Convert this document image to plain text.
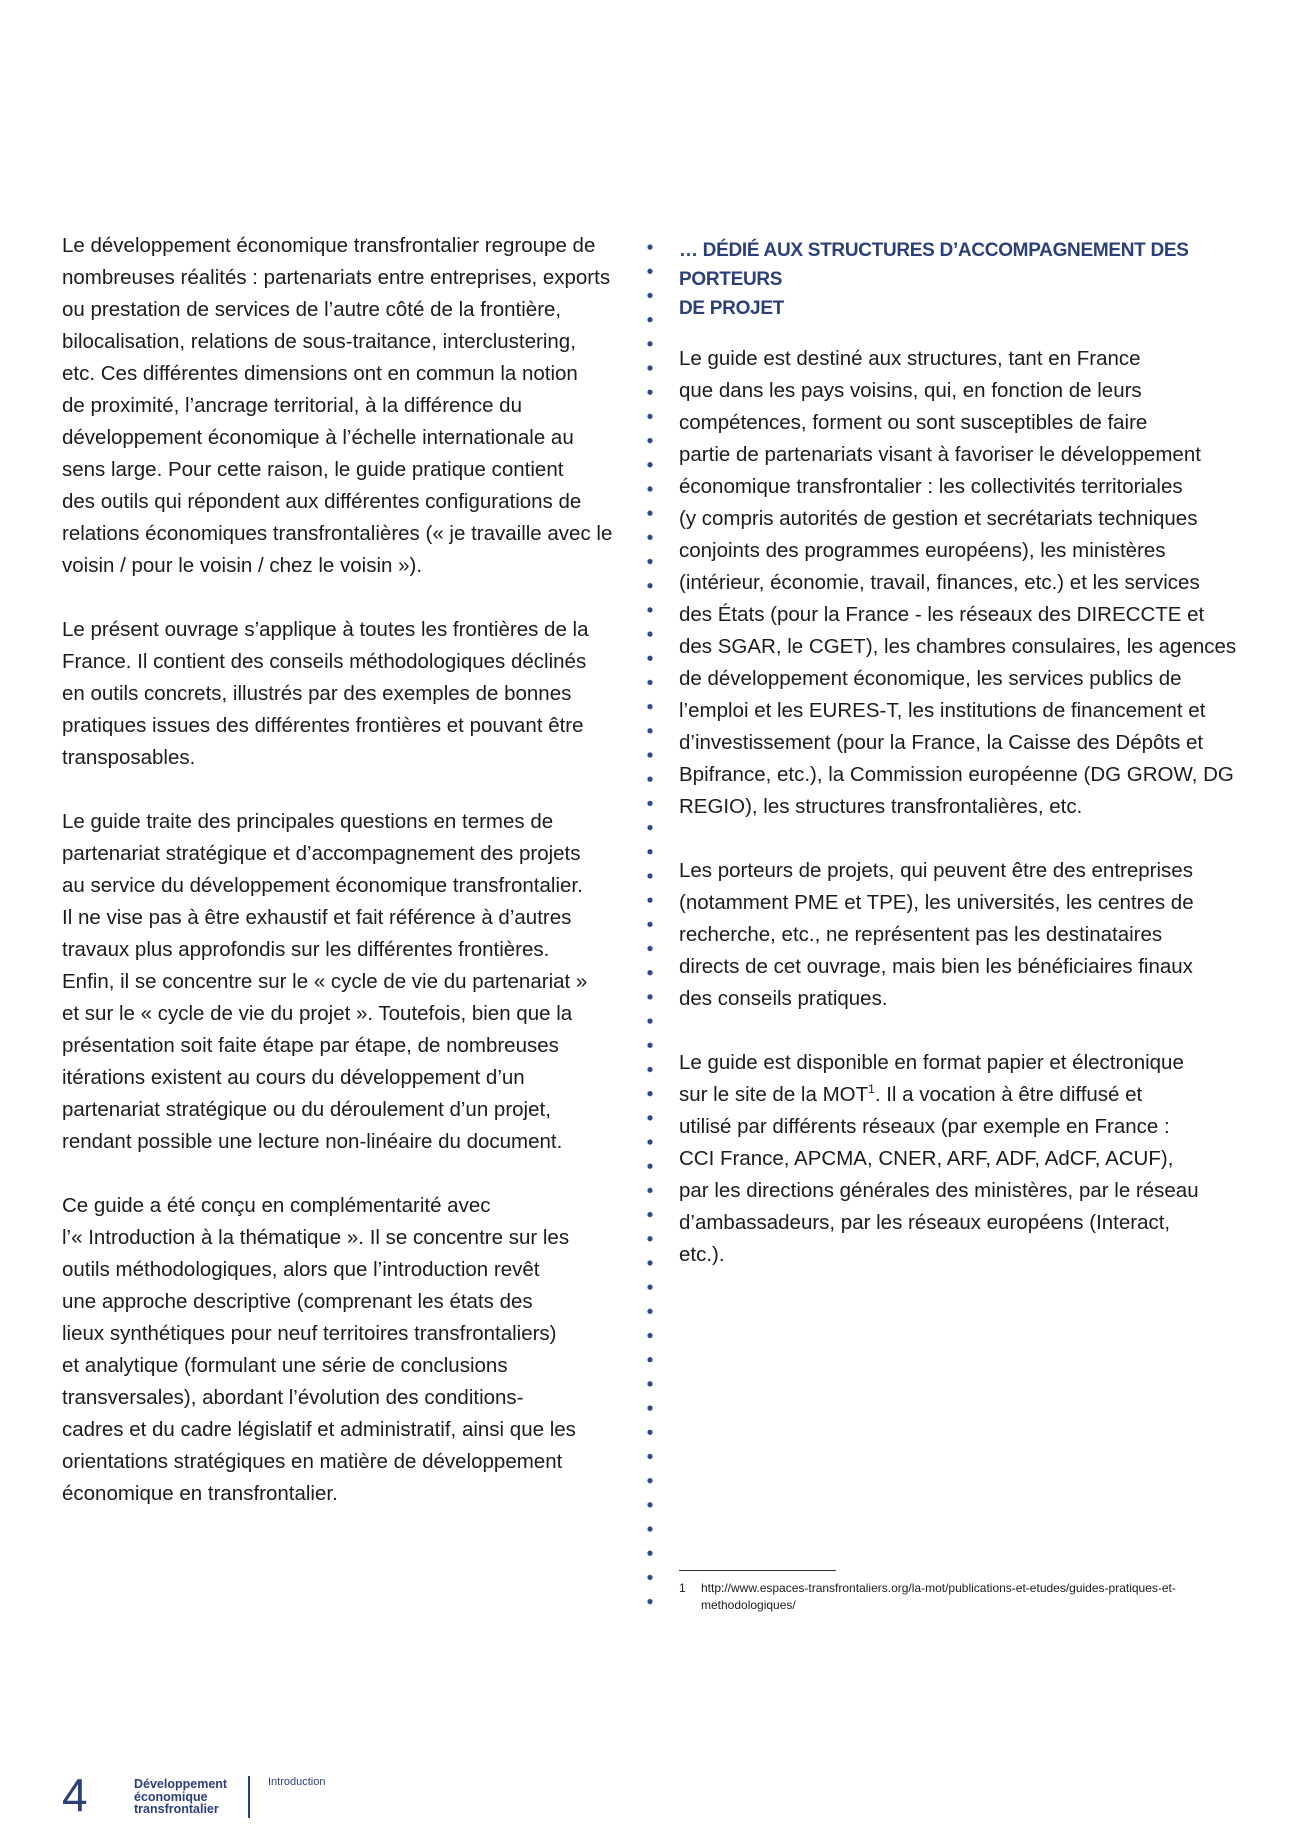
Le développement économique transfrontalier regroupe de
nombreuses réalités : partenariats entre entreprises, exports
ou prestation de services de l’autre côté de la frontière,
bilocalisation, relations de sous-traitance, interclustering,
etc. Ces différentes dimensions ont en commun la notion
de proximité, l’ancrage territorial, à la différence du
développement économique à l’échelle internationale au
sens large. Pour cette raison, le guide pratique contient
des outils qui répondent aux différentes configurations de
relations économiques transfrontalières (« je travaille avec le
voisin / pour le voisin / chez le voisin »).

Le présent ouvrage s’applique à toutes les frontières de la
France. Il contient des conseils méthodologiques déclinés
en outils concrets, illustrés par des exemples de bonnes
pratiques issues des différentes frontières et pouvant être
transposables.

Le guide traite des principales questions en termes de
partenariat stratégique et d’accompagnement des projets
au service du développement économique transfrontalier.
Il ne vise pas à être exhaustif et fait référence à d’autres
travaux plus approfondis sur les différentes frontières.
Enfin, il se concentre sur le « cycle de vie du partenariat »
et sur le « cycle de vie du projet ». Toutefois, bien que la
présentation soit faite étape par étape, de nombreuses
itérations existent au cours du développement d’un
partenariat stratégique ou du déroulement d’un projet,
rendant possible une lecture non-linéaire du document.

Ce guide a été conçu en complémentarité avec
l’« Introduction à la thématique ». Il se concentre sur les
outils méthodologiques, alors que l’introduction revêt
une approche descriptive (comprenant les états des
lieux synthétiques pour neuf territoires transfrontaliers)
et analytique (formulant une série de conclusions
transversales), abordant l’évolution des conditions-
cadres et du cadre législatif et administratif, ainsi que les
orientations stratégiques en matière de développement
économique en transfrontalier.

… DÉDIÉ AUX STRUCTURES D’ACCOMPAGNEMENT DES PORTEURS
DE PROJET

Le guide est destiné aux structures, tant en France
que dans les pays voisins, qui, en fonction de leurs
compétences, forment ou sont susceptibles de faire
partie de partenariats visant à favoriser le développement
économique transfrontalier : les collectivités territoriales
(y compris autorités de gestion et secrétariats techniques
conjoints des programmes européens), les ministères
(intérieur, économie, travail, finances, etc.) et les services
des États (pour la France - les réseaux des DIRECCTE et
des SGAR, le CGET), les chambres consulaires, les agences
de développement économique, les services publics de
l’emploi et les EURES-T, les institutions de financement et
d’investissement (pour la France, la Caisse des Dépôts et
Bpifrance, etc.), la Commission européenne (DG GROW, DG
REGIO), les structures transfrontalières, etc.

Les porteurs de projets, qui peuvent être des entreprises
(notamment PME et TPE), les universités, les centres de
recherche, etc., ne représentent pas les destinataires
directs de cet ouvrage, mais bien les bénéficiaires finaux
des conseils pratiques.

Le guide est disponible en format papier et électronique
sur le site de la MOT$^1$. Il a vocation à être diffusé et
utilisé par différents réseaux (par exemple en France :
CCI France, APCMA, CNER, ARF, ADF, AdCF, ACUF),
par les directions générales des ministères, par le réseau
d’ambassadeurs, par les réseaux européens (Interact,
etc.).

1 http://www.espaces-transfrontaliers.org/la-mot/publications-et-etudes/guides-pratiques-et-
methodologiques/
4	Développement
économique
transfrontalier
Introduction
